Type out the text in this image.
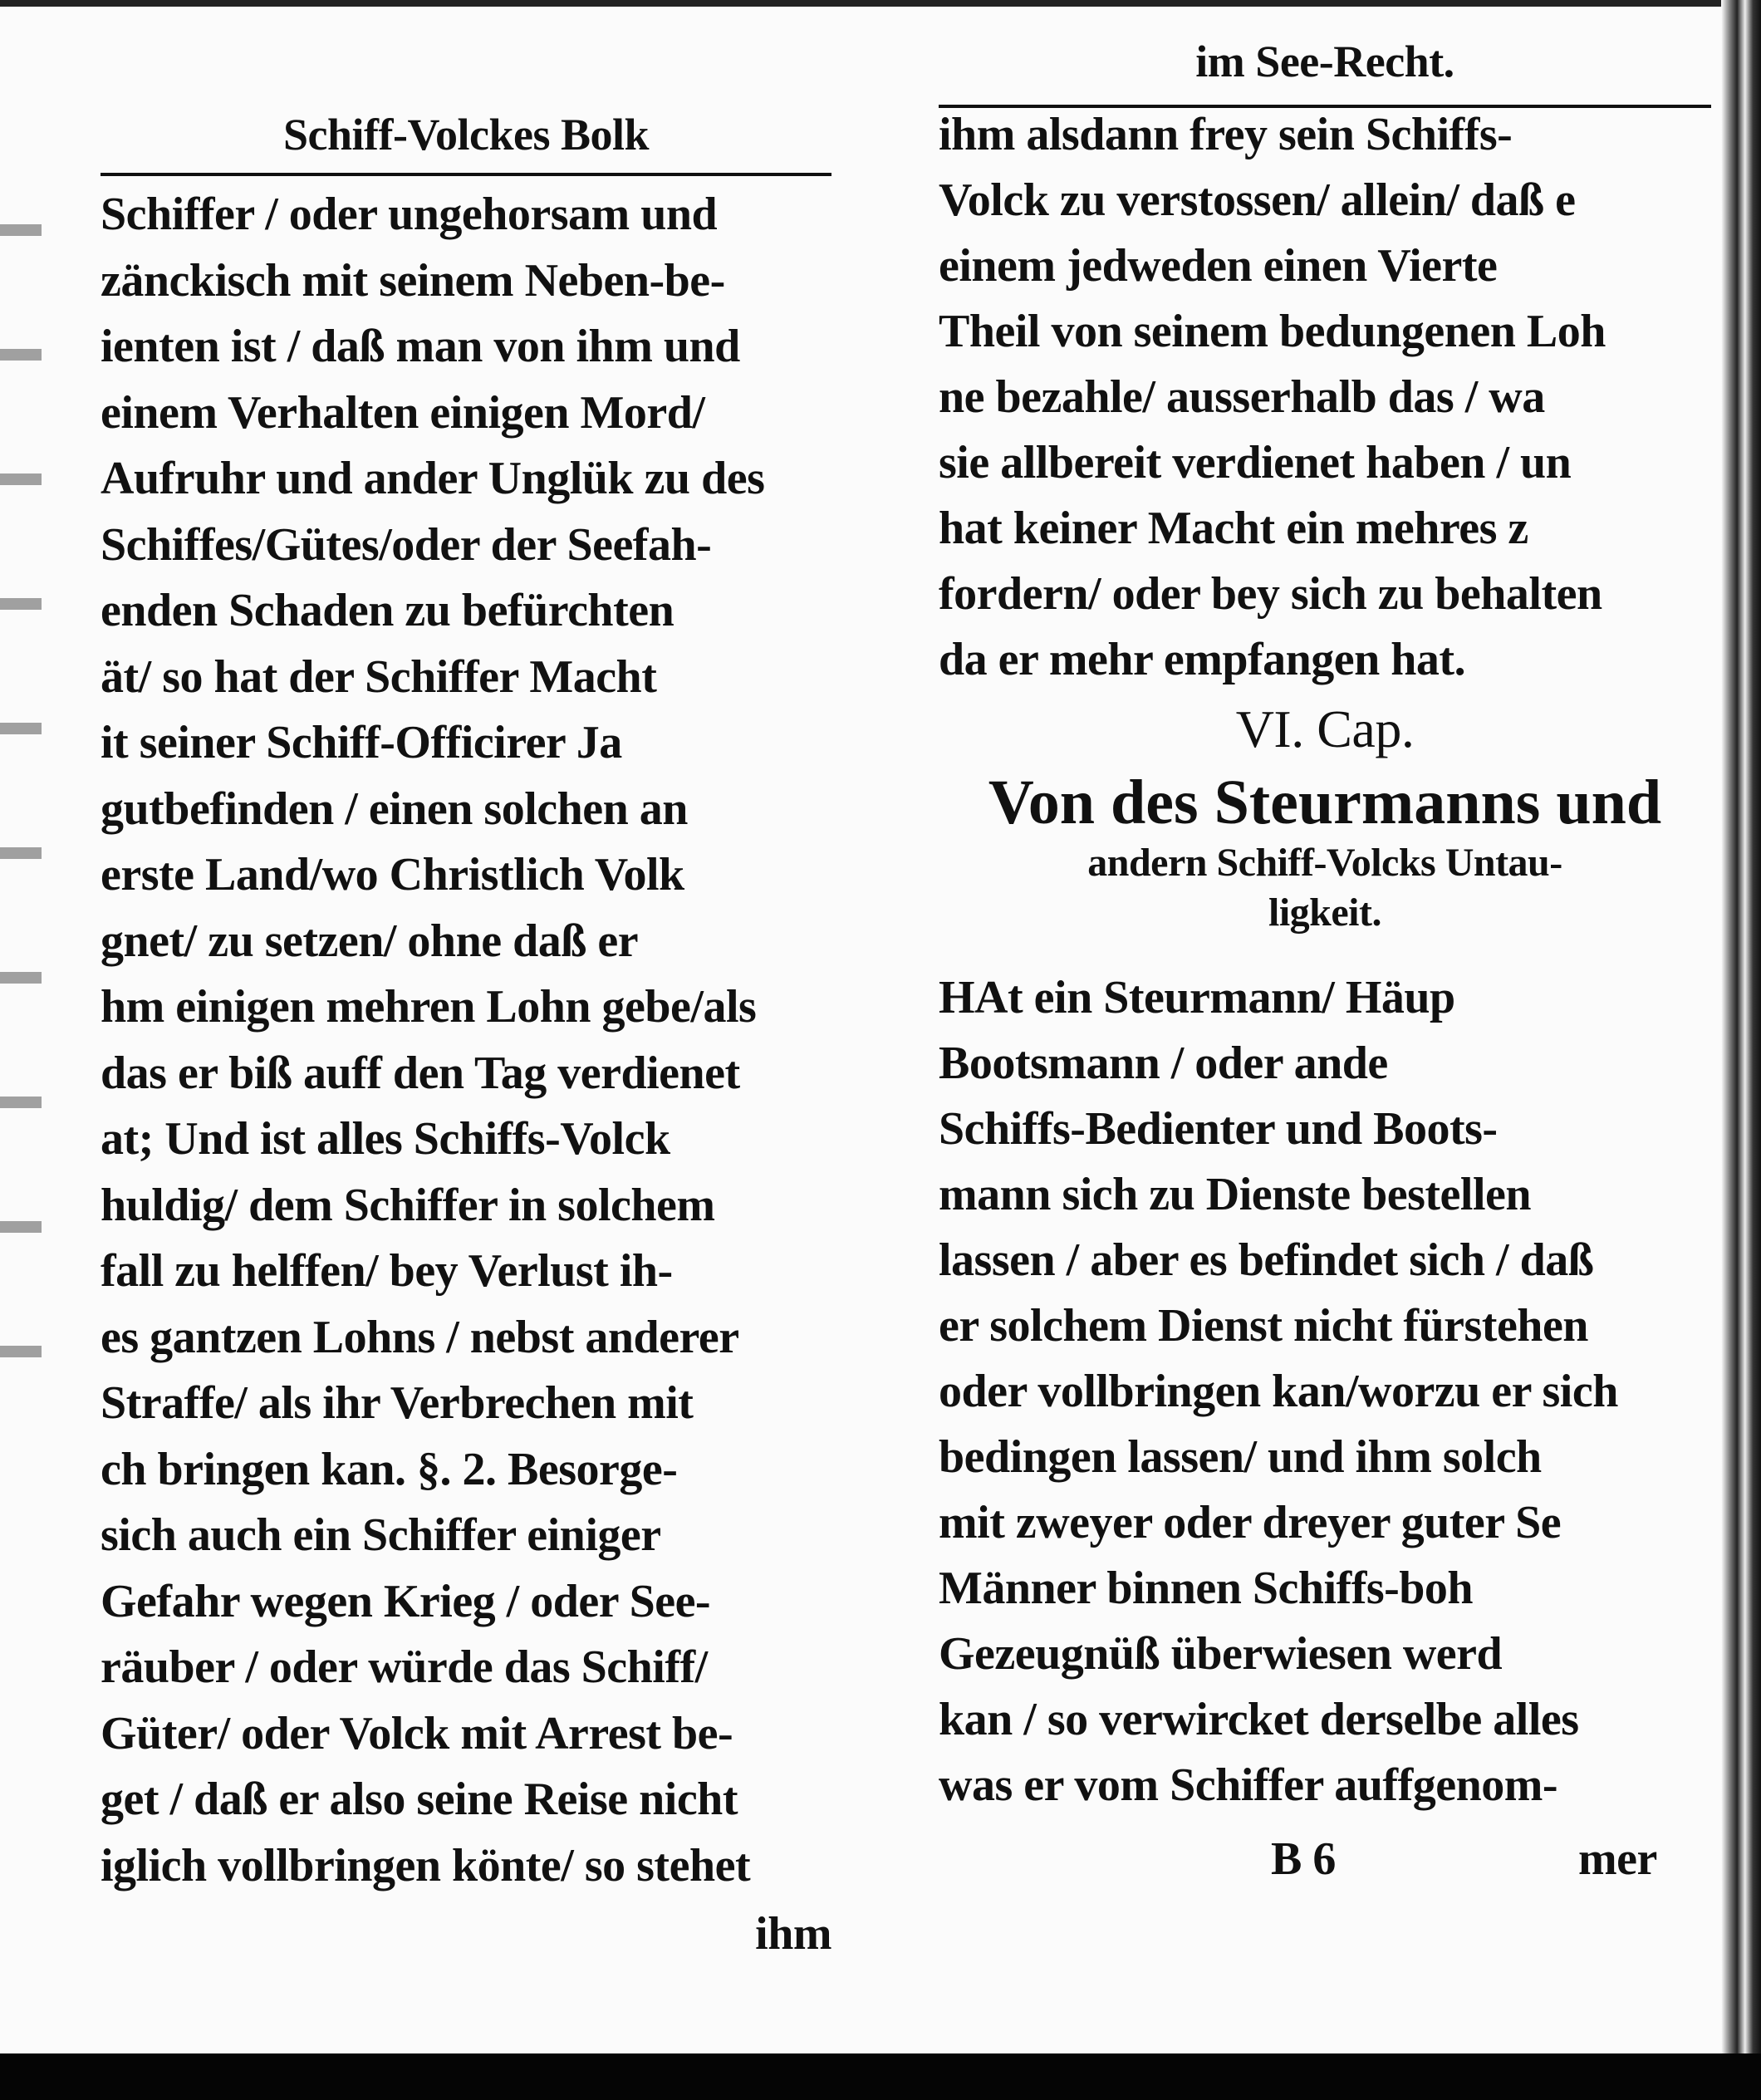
Schiff-Volckes Bolk
Schiffer / oder ungehorsam und
zänckisch mit seinem Neben-be-
ienten ist / daß man von ihm und
einem Verhalten einigen Mord/
Aufruhr und ander Unglük zu des
Schiffes/Gütes/oder der Seefah-
enden Schaden zu befürchten
ät/ so hat der Schiffer Macht
it seiner Schiff-Officirer Ja
gutbefinden / einen solchen an
erste Land/wo Christlich Volk
gnet/ zu setzen/ ohne daß er
hm einigen mehren Lohn gebe/als
das er biß auff den Tag verdienet
at; Und ist alles Schiffs-Volck
huldig/ dem Schiffer in solchem
fall zu helffen/ bey Verlust ih-
es gantzen Lohns / nebst anderer
Straffe/ als ihr Verbrechen mit
ch bringen kan. §. 2. Besorge-
sich auch ein Schiffer einiger
Gefahr wegen Krieg / oder See-
räuber / oder würde das Schiff/
Güter/ oder Volck mit Arrest be-
get / daß er also seine Reise nicht
iglich vollbringen könte/ so stehet
ihm
im See-Recht.
VI. Cap.
Von des Steurmanns und
andern Schiff-Volcks Untau-
ligkeit.
B 6	mer
ihm alsdann frey sein Schiffs-
Volck zu verstossen/ allein/ daß e
einem jedweden einen Vierte
Theil von seinem bedungenen Loh
ne bezahle/ ausserhalb das / wa
sie allbereit verdienet haben / un
hat keiner Macht ein mehres z
fordern/ oder bey sich zu behalten
da er mehr empfangen hat.
HAt ein Steurmann/ Häup
Bootsmann / oder ande
Schiffs-Bedienter und Boots-
mann sich zu Dienste bestellen
lassen / aber es befindet sich / daß
er solchem Dienst nicht fürstehen
oder vollbringen kan/worzu er sich
bedingen lassen/ und ihm solch
mit zweyer oder dreyer guter Se
Männer binnen Schiffs-boh
Gezeugnüß überwiesen werd
kan / so verwircket derselbe alles
was er vom Schiffer auffgenom-
